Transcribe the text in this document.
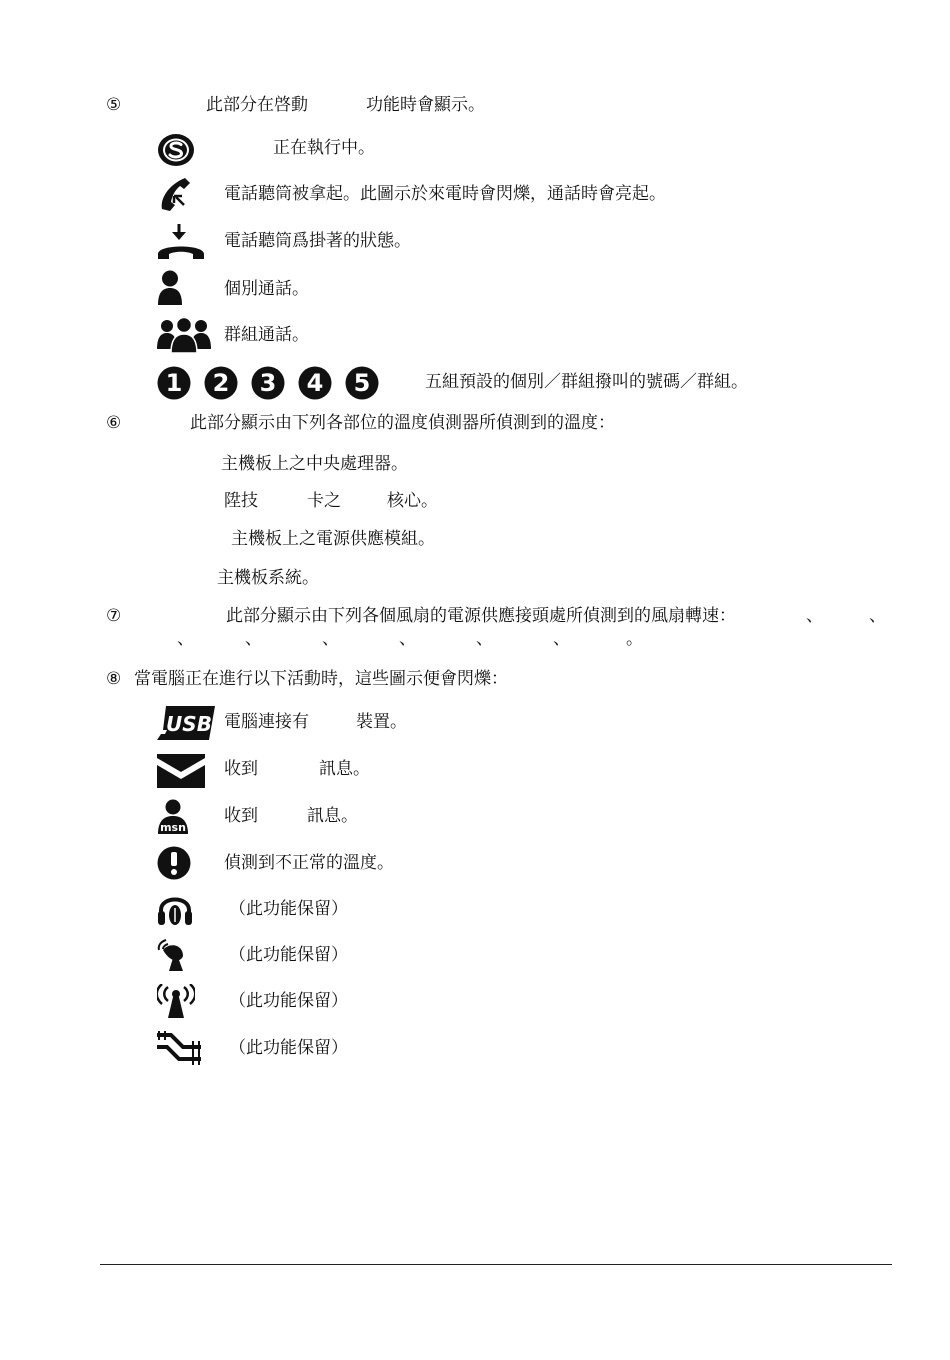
⑤	此部分在啓動	功能時會顯示。
正在執行中。
電話聽筒被拿起。此圖示於來電時會閃爍，通話時會亮起。
電話聽筒爲掛著的狀態。
個別通話。
群組通話。
1 2 3 4 5	五組預設的個別／群組撥叫的號碼／群組。
⑥	此部分顯示由下列各部位的溫度偵測器所偵測到的溫度：
主機板上之中央處理器。
陞技	卡之	核心。
主機板上之電源供應模組。
主機板系統。
⑦	此部分顯示由下列各個風扇的電源供應接頭處所偵測到的風扇轉速：	、	、
、	、	、	、	、	、	。
⑧ 當電腦正在進行以下活動時，這些圖示便會閃爍：
USB 電腦連接有	裝置。
收到	訊息。
msn
收到	訊息。
偵測到不正常的溫度。
（此功能保留）
（此功能保留）
（此功能保留）
（此功能保留）
